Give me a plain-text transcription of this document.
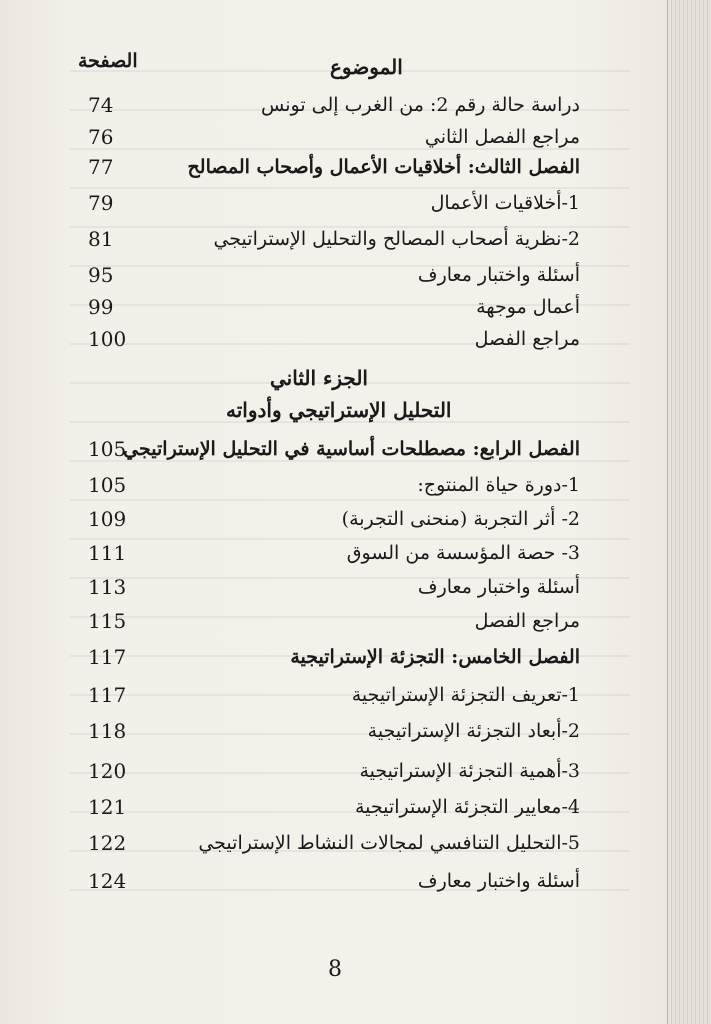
الصفحة	الموضوع
دراسة حالة رقم 2: من الغرب إلى تونس
74
مراجع الفصل الثاني
76
الفصل الثالث: أخلاقيات الأعمال وأصحاب المصالح
77
1-أخلاقيات الأعمال
79
2-نظرية أصحاب المصالح والتحليل الإستراتيجي
81
أسئلة واختبار معارف
95
أعمال موجهة
99
مراجع الفصل
100
الجزء الثاني
التحليل الإستراتيجي وأدواته
الفصل الرابع: مصطلحات أساسية في التحليل الإستراتيجي
105
1-دورة حياة المنتوج:
105
2- أثر التجربة (منحنى التجربة)
109
3- حصة المؤسسة من السوق
111
أسئلة واختبار معارف
113
مراجع الفصل
115
الفصل الخامس: التجزئة الإستراتيجية
117
1-تعريف التجزئة الإستراتيجية
117
2-أبعاد التجزئة الإستراتيجية
118
3-أهمية التجزئة الإستراتيجية
120
4-معايير التجزئة الإستراتيجية
121
5-التحليل التنافسي لمجالات النشاط الإستراتيجي
122
أسئلة واختبار معارف
124
8
